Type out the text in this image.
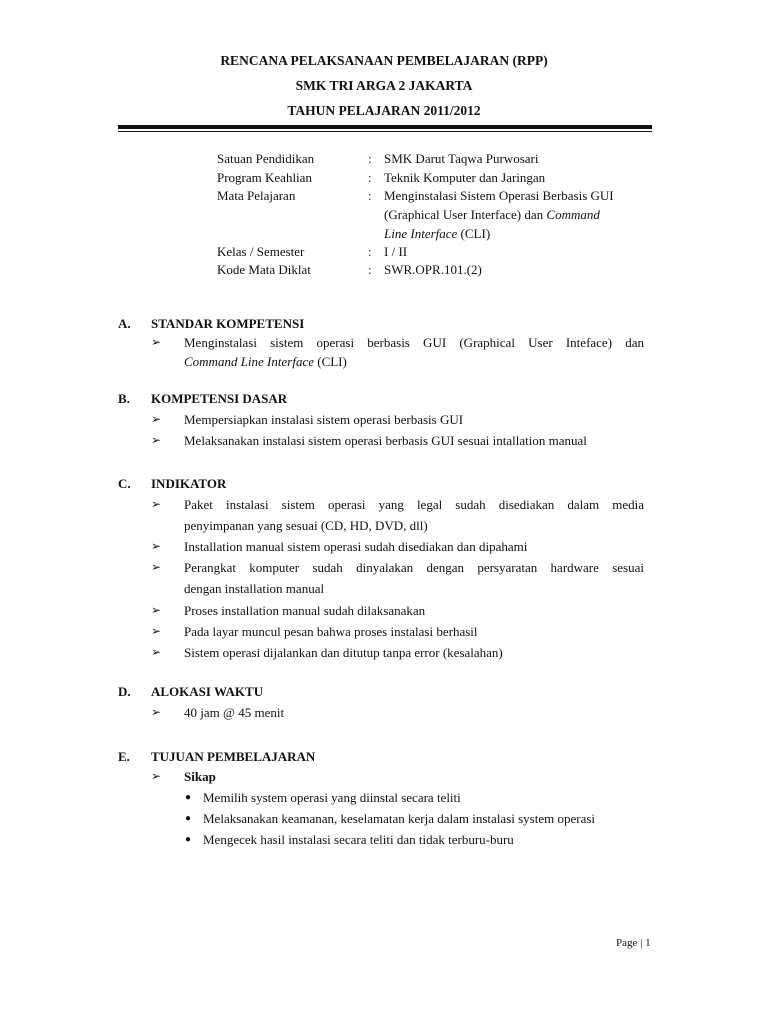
RENCANA PELAKSANAAN PEMBELAJARAN (RPP)
SMK TRI ARGA 2 JAKARTA
TAHUN PELAJARAN 2011/2012
Satuan Pendidikan	: SMK Darut Taqwa Purwosari
Program Keahlian	: Teknik Komputer dan Jaringan
Mata Pelajaran	: Menginstalasi Sistem Operasi Berbasis GUI
(Graphical User Interface) dan Command
Line Interface (CLI)
Kelas / Semester	: I / II
Kode Mata Diklat	: SWR.OPR.101.(2)
A. STANDAR KOMPETENSI
➢ Menginstalasi sistem operasi berbasis GUI (Graphical User Inteface) dan
Command Line Interface (CLI)
B. KOMPETENSI DASAR
➢ Mempersiapkan instalasi sistem operasi berbasis GUI
➢ Melaksanakan instalasi sistem operasi berbasis GUI sesuai intallation manual
C. INDIKATOR
➢ Paket instalasi sistem operasi yang legal sudah disediakan dalam media
penyimpanan yang sesuai (CD, HD, DVD, dll)
➢ Installation manual sistem operasi sudah disediakan dan dipahami
➢ Perangkat komputer sudah dinyalakan dengan persyaratan hardware sesuai
dengan installation manual
➢ Proses installation manual sudah dilaksanakan
➢ Pada layar muncul pesan bahwa proses instalasi berhasil
➢ Sistem operasi dijalankan dan ditutup tanpa error (kesalahan)
D. ALOKASI WAKTU
➢ 40 jam @ 45 menit
E. TUJUAN PEMBELAJARAN
➢ Sikap
● Memilih system operasi yang diinstal secara teliti
● Melaksanakan keamanan, keselamatan kerja dalam instalasi system operasi
● Mengecek hasil instalasi secara teliti dan tidak terburu-buru
Page | 1
